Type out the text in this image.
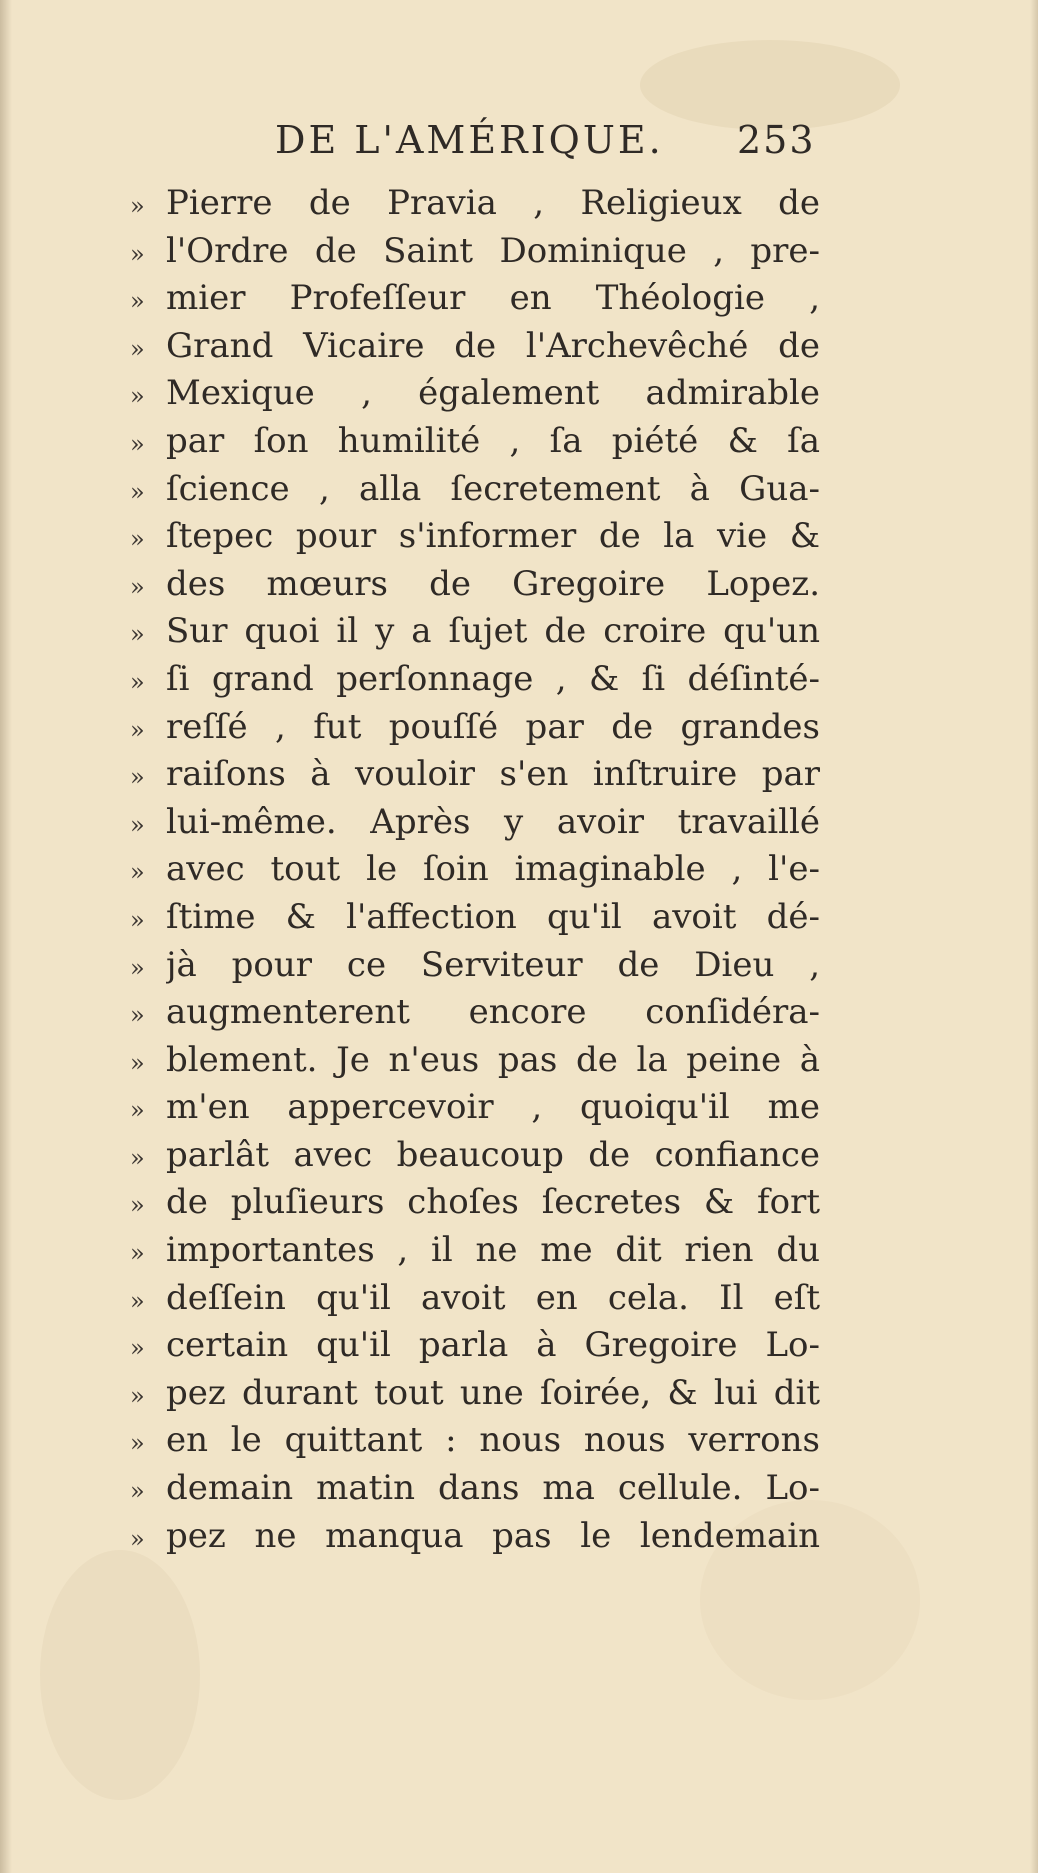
DE L'AMÉRIQUE. 253
» Pierre de Pravia , Religieux de
» l'Ordre de Saint Dominique , pre-
» mier Profeſſeur en Théologie ,
» Grand Vicaire de l'Archevêché de
» Mexique , également admirable
» par ſon humilité , ſa piété & ſa
» ſcience , alla ſecretement à Gua-
» ſtepec pour s'informer de la vie &
» des mœurs de Gregoire Lopez.
» Sur quoi il y a ſujet de croire qu'un
» ſi grand perſonnage , & ſi déſinté-
» reſſé , fut pouſſé par de grandes
» raiſons à vouloir s'en inſtruire par
» lui-même. Après y avoir travaillé
» avec tout le ſoin imaginable , l'e-
» ſtime & l'affection qu'il avoit dé-
» jà pour ce Serviteur de Dieu ,
» augmenterent encore conſidéra-
» blement. Je n'eus pas de la peine à
» m'en appercevoir , quoiqu'il me
» parlât avec beaucoup de confiance
» de pluſieurs choſes ſecretes & fort
» importantes , il ne me dit rien du
» deſſein qu'il avoit en cela. Il eſt
» certain qu'il parla à Gregoire Lo-
» pez durant tout une ſoirée, & lui dit
» en le quittant : nous nous verrons
» demain matin dans ma cellule. Lo-
» pez ne manqua pas le lendemain
